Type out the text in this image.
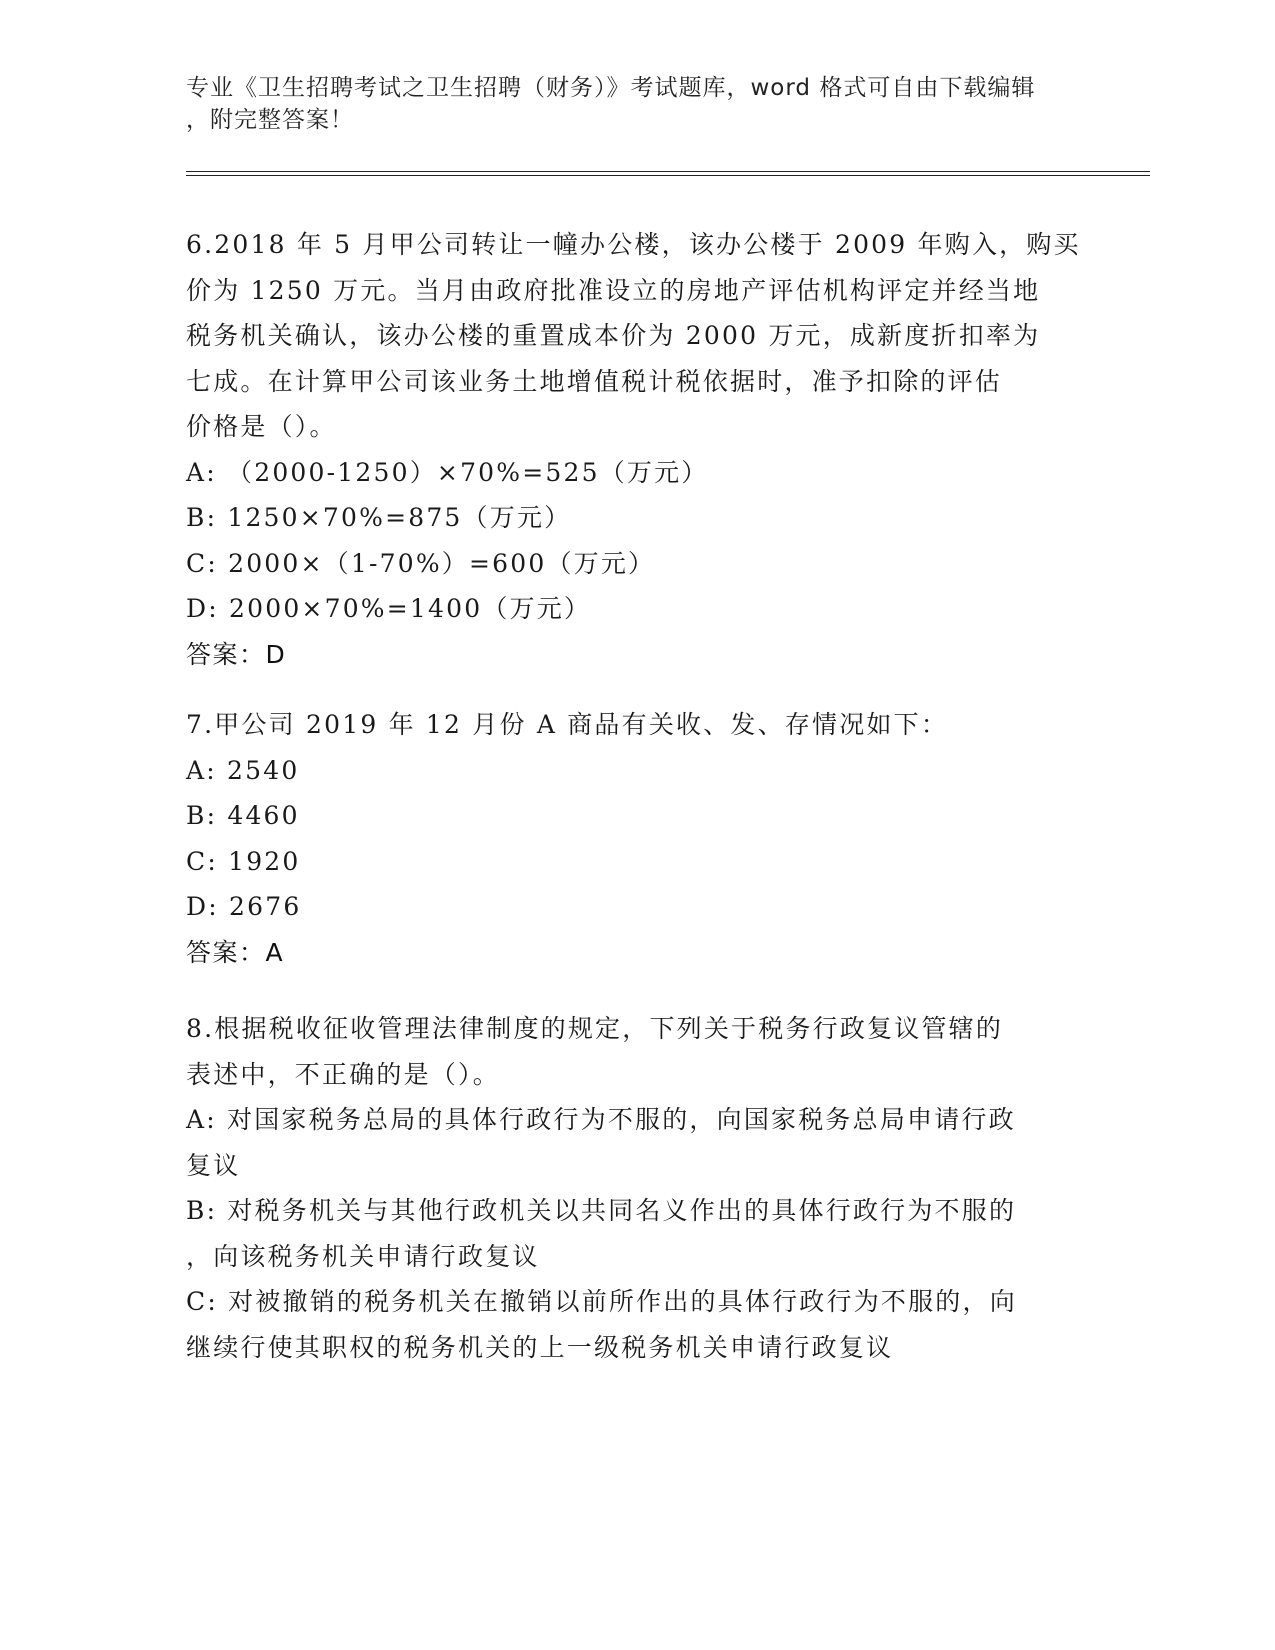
专业《卫生招聘考试之卫生招聘（财务）》考试题库，word 格式可自由下载编辑
，附完整答案！
6.2018 年 5 月甲公司转让一幢办公楼，该办公楼于 2009 年购入，购买
价为 1250 万元。当月由政府批准设立的房地产评估机构评定并经当地
税务机关确认，该办公楼的重置成本价为 2000 万元，成新度折扣率为
七成。在计算甲公司该业务土地增值税计税依据时，准予扣除的评估
价格是（）。
A: （2000-1250）×70%=525（万元）
B: 1250×70%=875（万元）
C: 2000×（1-70%）=600（万元）
D: 2000×70%=1400（万元）
答案：D
7.甲公司 2019 年 12 月份 A 商品有关收、发、存情况如下：
A: 2540
B: 4460
C: 1920
D: 2676
答案：A
8.根据税收征收管理法律制度的规定，下列关于税务行政复议管辖的
表述中，不正确的是（）。
A: 对国家税务总局的具体行政行为不服的，向国家税务总局申请行政
复议
B: 对税务机关与其他行政机关以共同名义作出的具体行政行为不服的
，向该税务机关申请行政复议
C: 对被撤销的税务机关在撤销以前所作出的具体行政行为不服的，向
继续行使其职权的税务机关的上一级税务机关申请行政复议
